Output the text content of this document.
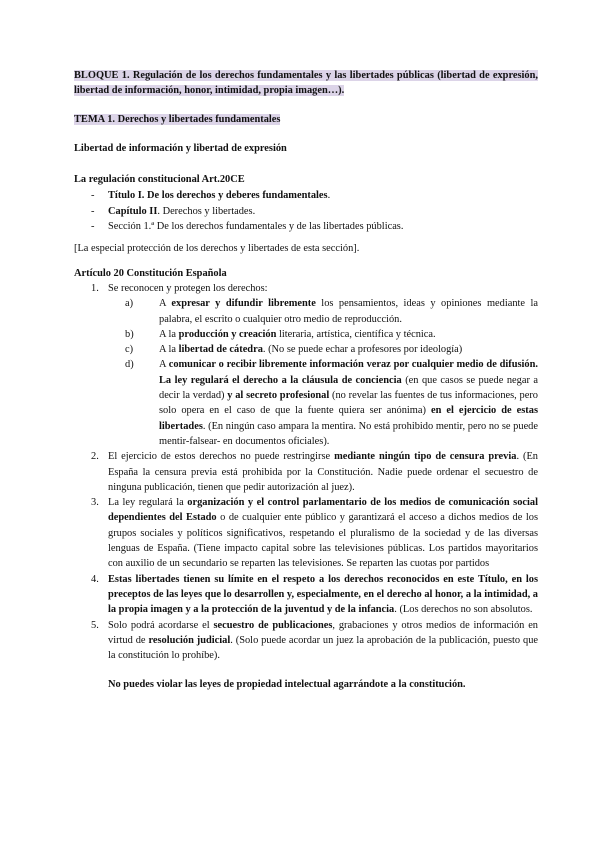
BLOQUE 1. Regulación de los derechos fundamentales y las libertades públicas (libertad de expresión, libertad de información, honor, intimidad, propia imagen…).

TEMA 1. Derechos y libertades fundamentales

Libertad de información y libertad de expresión

La regulación constitucional Art.20CE

- Título I. De los derechos y deberes fundamentales.
- Capítulo II. Derechos y libertades.
- Sección 1.ª De los derechos fundamentales y de las libertades públicas.

[La especial protección de los derechos y libertades de esta sección].

Artículo 20 Constitución Española

1. Se reconocen y protegen los derechos:
a) A expresar y difundir libremente los pensamientos, ideas y opiniones mediante la palabra, el escrito o cualquier otro medio de reproducción.
b) A la producción y creación literaria, artística, científica y técnica.
c) A la libertad de cátedra. (No se puede echar a profesores por ideología)
d) A comunicar o recibir libremente información veraz por cualquier medio de difusión. La ley regulará el derecho a la cláusula de conciencia (en que casos se puede negar a decir la verdad) y al secreto profesional (no revelar las fuentes de tus informaciones, pero solo opera en el caso de que la fuente quiera ser anónima) en el ejercicio de estas libertades. (En ningún caso ampara la mentira. No está prohibido mentir, pero no se puede mentir-falsear- en documentos oficiales).
2. El ejercicio de estos derechos no puede restringirse mediante ningún tipo de censura previa. (En España la censura previa está prohibida por la Constitución. Nadie puede ordenar el secuestro de ninguna publicación, tienen que pedir autorización al juez).
3. La ley regulará la organización y el control parlamentario de los medios de comunicación social dependientes del Estado o de cualquier ente público y garantizará el acceso a dichos medios de los grupos sociales y políticos significativos, respetando el pluralismo de la sociedad y de las diversas lenguas de España. (Tiene impacto capital sobre las televisiones públicas. Los partidos mayoritarios con auxilio de un secundario se reparten las televisiones. Se reparten las cuotas por partidos
4. Estas libertades tienen su límite en el respeto a los derechos reconocidos en este Título, en los preceptos de las leyes que lo desarrollen y, especialmente, en el derecho al honor, a la intimidad, a la propia imagen y a la protección de la juventud y de la infancia. (Los derechos no son absolutos.
5. Solo podrá acordarse el secuestro de publicaciones, grabaciones y otros medios de información en virtud de resolución judicial. (Solo puede acordar un juez la aprobación de la publicación, puesto que la constitución lo prohíbe).

No puedes violar las leyes de propiedad intelectual agarrándote a la constitución.
